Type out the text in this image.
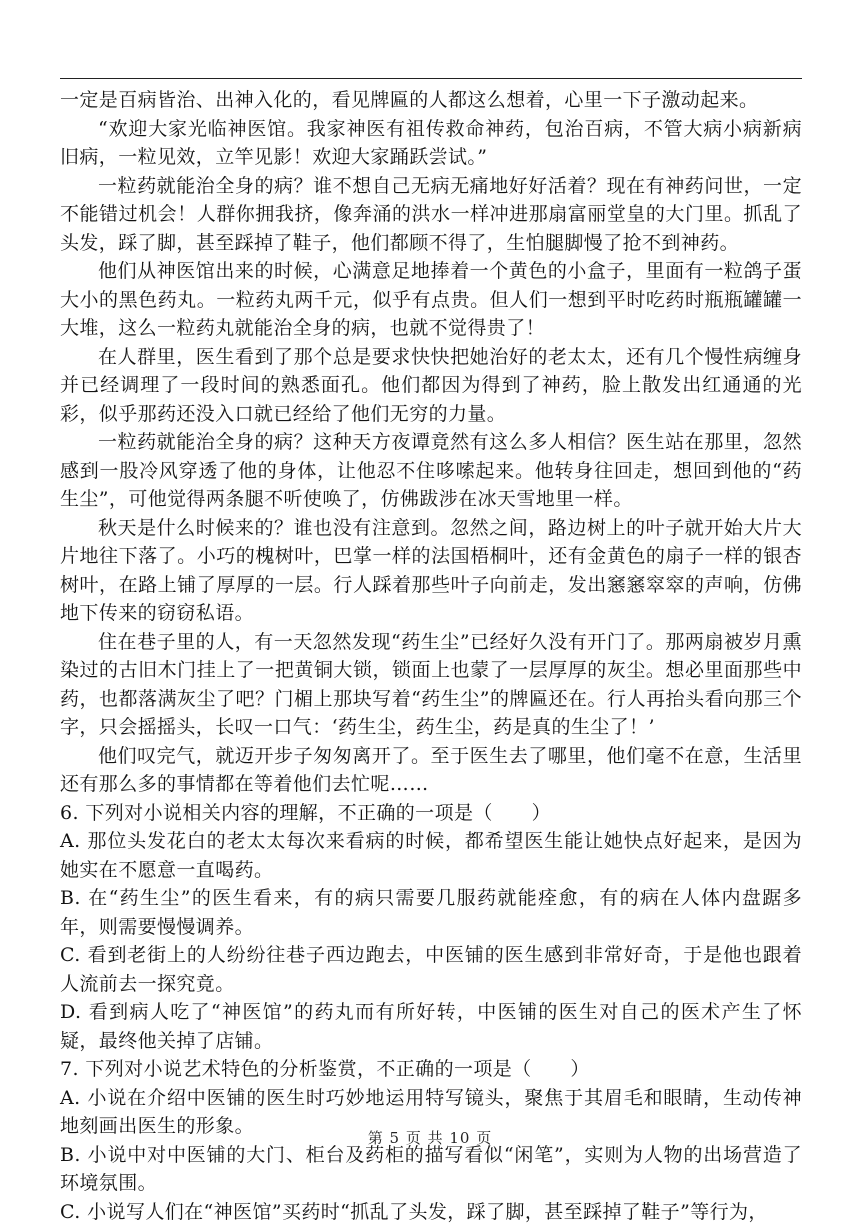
一定是百病皆治、出神入化的，看见牌匾的人都这么想着，心里一下子激动起来。

“欢迎大家光临神医馆。我家神医有祖传救命神药，包治百病，不管大病小病新病旧病，一粒见效，立竿见影！欢迎大家踊跃尝试。”

一粒药就能治全身的病？谁不想自己无病无痛地好好活着？现在有神药问世，一定不能错过机会！人群你拥我挤，像奔涌的洪水一样冲进那扇富丽堂皇的大门里。抓乱了头发，踩了脚，甚至踩掉了鞋子，他们都顾不得了，生怕腿脚慢了抢不到神药。

他们从神医馆出来的时候，心满意足地捧着一个黄色的小盒子，里面有一粒鸽子蛋大小的黑色药丸。一粒药丸两千元，似乎有点贵。但人们一想到平时吃药时瓶瓶罐罐一大堆，这么一粒药丸就能治全身的病，也就不觉得贵了！

在人群里，医生看到了那个总是要求快快把她治好的老太太，还有几个慢性病缠身并已经调理了一段时间的熟悉面孔。他们都因为得到了神药，脸上散发出红通通的光彩，似乎那药还没入口就已经给了他们无穷的力量。

一粒药就能治全身的病？这种天方夜谭竟然有这么多人相信？医生站在那里，忽然感到一股冷风穿透了他的身体，让他忍不住哆嗦起来。他转身往回走，想回到他的“药生尘”，可他觉得两条腿不听使唤了，仿佛跋涉在冰天雪地里一样。

秋天是什么时候来的？谁也没有注意到。忽然之间，路边树上的叶子就开始大片大片地往下落了。小巧的槐树叶，巴掌一样的法国梧桐叶，还有金黄色的扇子一样的银杏树叶，在路上铺了厚厚的一层。行人踩着那些叶子向前走，发出窸窸窣窣的声响，仿佛地下传来的窃窃私语。

住在巷子里的人，有一天忽然发现“药生尘”已经好久没有开门了。那两扇被岁月熏染过的古旧木门挂上了一把黄铜大锁，锁面上也蒙了一层厚厚的灰尘。想必里面那些中药，也都落满灰尘了吧？门楣上那块写着“药生尘”的牌匾还在。行人再抬头看向那三个字，只会摇摇头，长叹一口气：‘药生尘，药生尘，药是真的生尘了！’

他们叹完气，就迈开步子匆匆离开了。至于医生去了哪里，他们毫不在意，生活里还有那么多的事情都在等着他们去忙呢……

6. 下列对小说相关内容的理解，不正确的一项是（　　）

A. 那位头发花白的老太太每次来看病的时候，都希望医生能让她快点好起来，是因为她实在不愿意一直喝药。

B. 在“药生尘”的医生看来，有的病只需要几服药就能痊愈，有的病在人体内盘踞多年，则需要慢慢调养。

C. 看到老街上的人纷纷往巷子西边跑去，中医铺的医生感到非常好奇，于是他也跟着人流前去一探究竟。

D. 看到病人吃了“神医馆”的药丸而有所好转，中医铺的医生对自己的医术产生了怀疑，最终他关掉了店铺。

7. 下列对小说艺术特色的分析鉴赏，不正确的一项是（　　）

A. 小说在介绍中医铺的医生时巧妙地运用特写镜头，聚焦于其眉毛和眼睛，生动传神地刻画出医生的形象。

B. 小说中对中医铺的大门、柜台及药柜的描写看似“闲笔”，实则为人物的出场营造了环境氛围。

C. 小说写人们在“神医馆”买药时“抓乱了头发，踩了脚，甚至踩掉了鞋子”等行为，

第 5 页 共 10 页
